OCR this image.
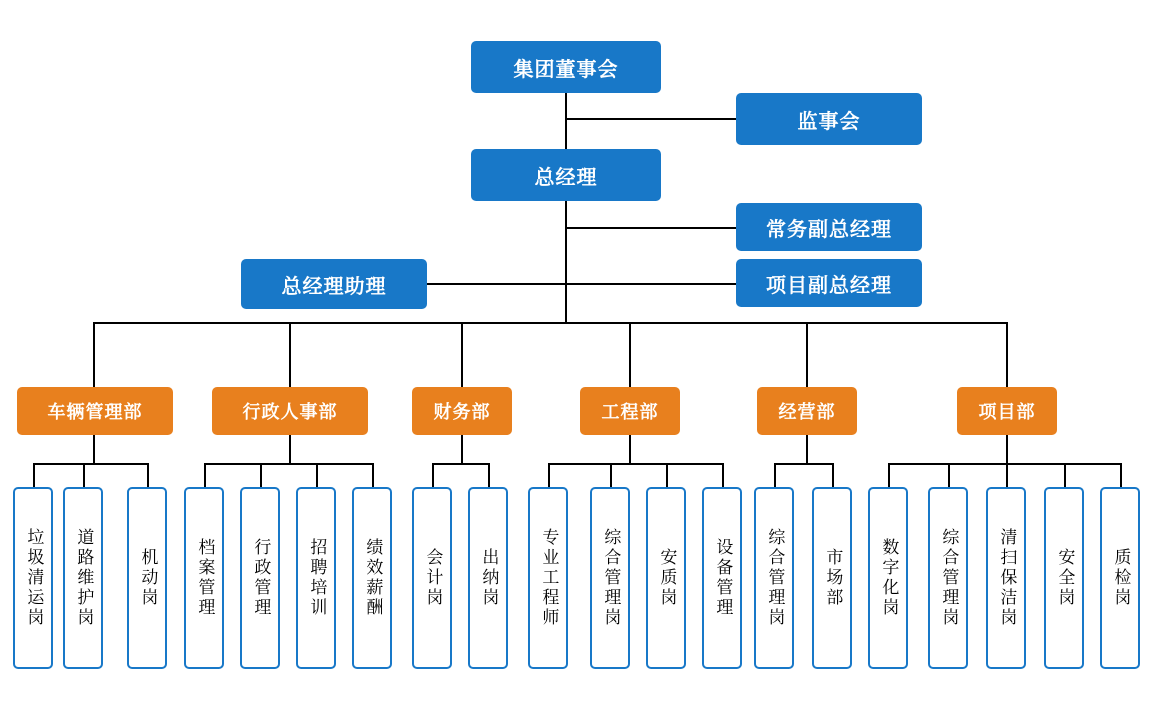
集团董事会
监事会
总经理
常务副总经理
总经理助理	项目副总经理
车辆管理部	行政人事部	财务部	工程部	经营部	项目部
垃圾清运岗 道路维护岗	机动岗 档案管理 行政管理 招聘培训 绩效薪酬 会计岗 出纳岗 专业工程师	综合管理岗 安质岗 设备管理 综合管理岗 市场部 数字化岗 综合管理岗 清扫保洁岗 安全岗 质检岗
